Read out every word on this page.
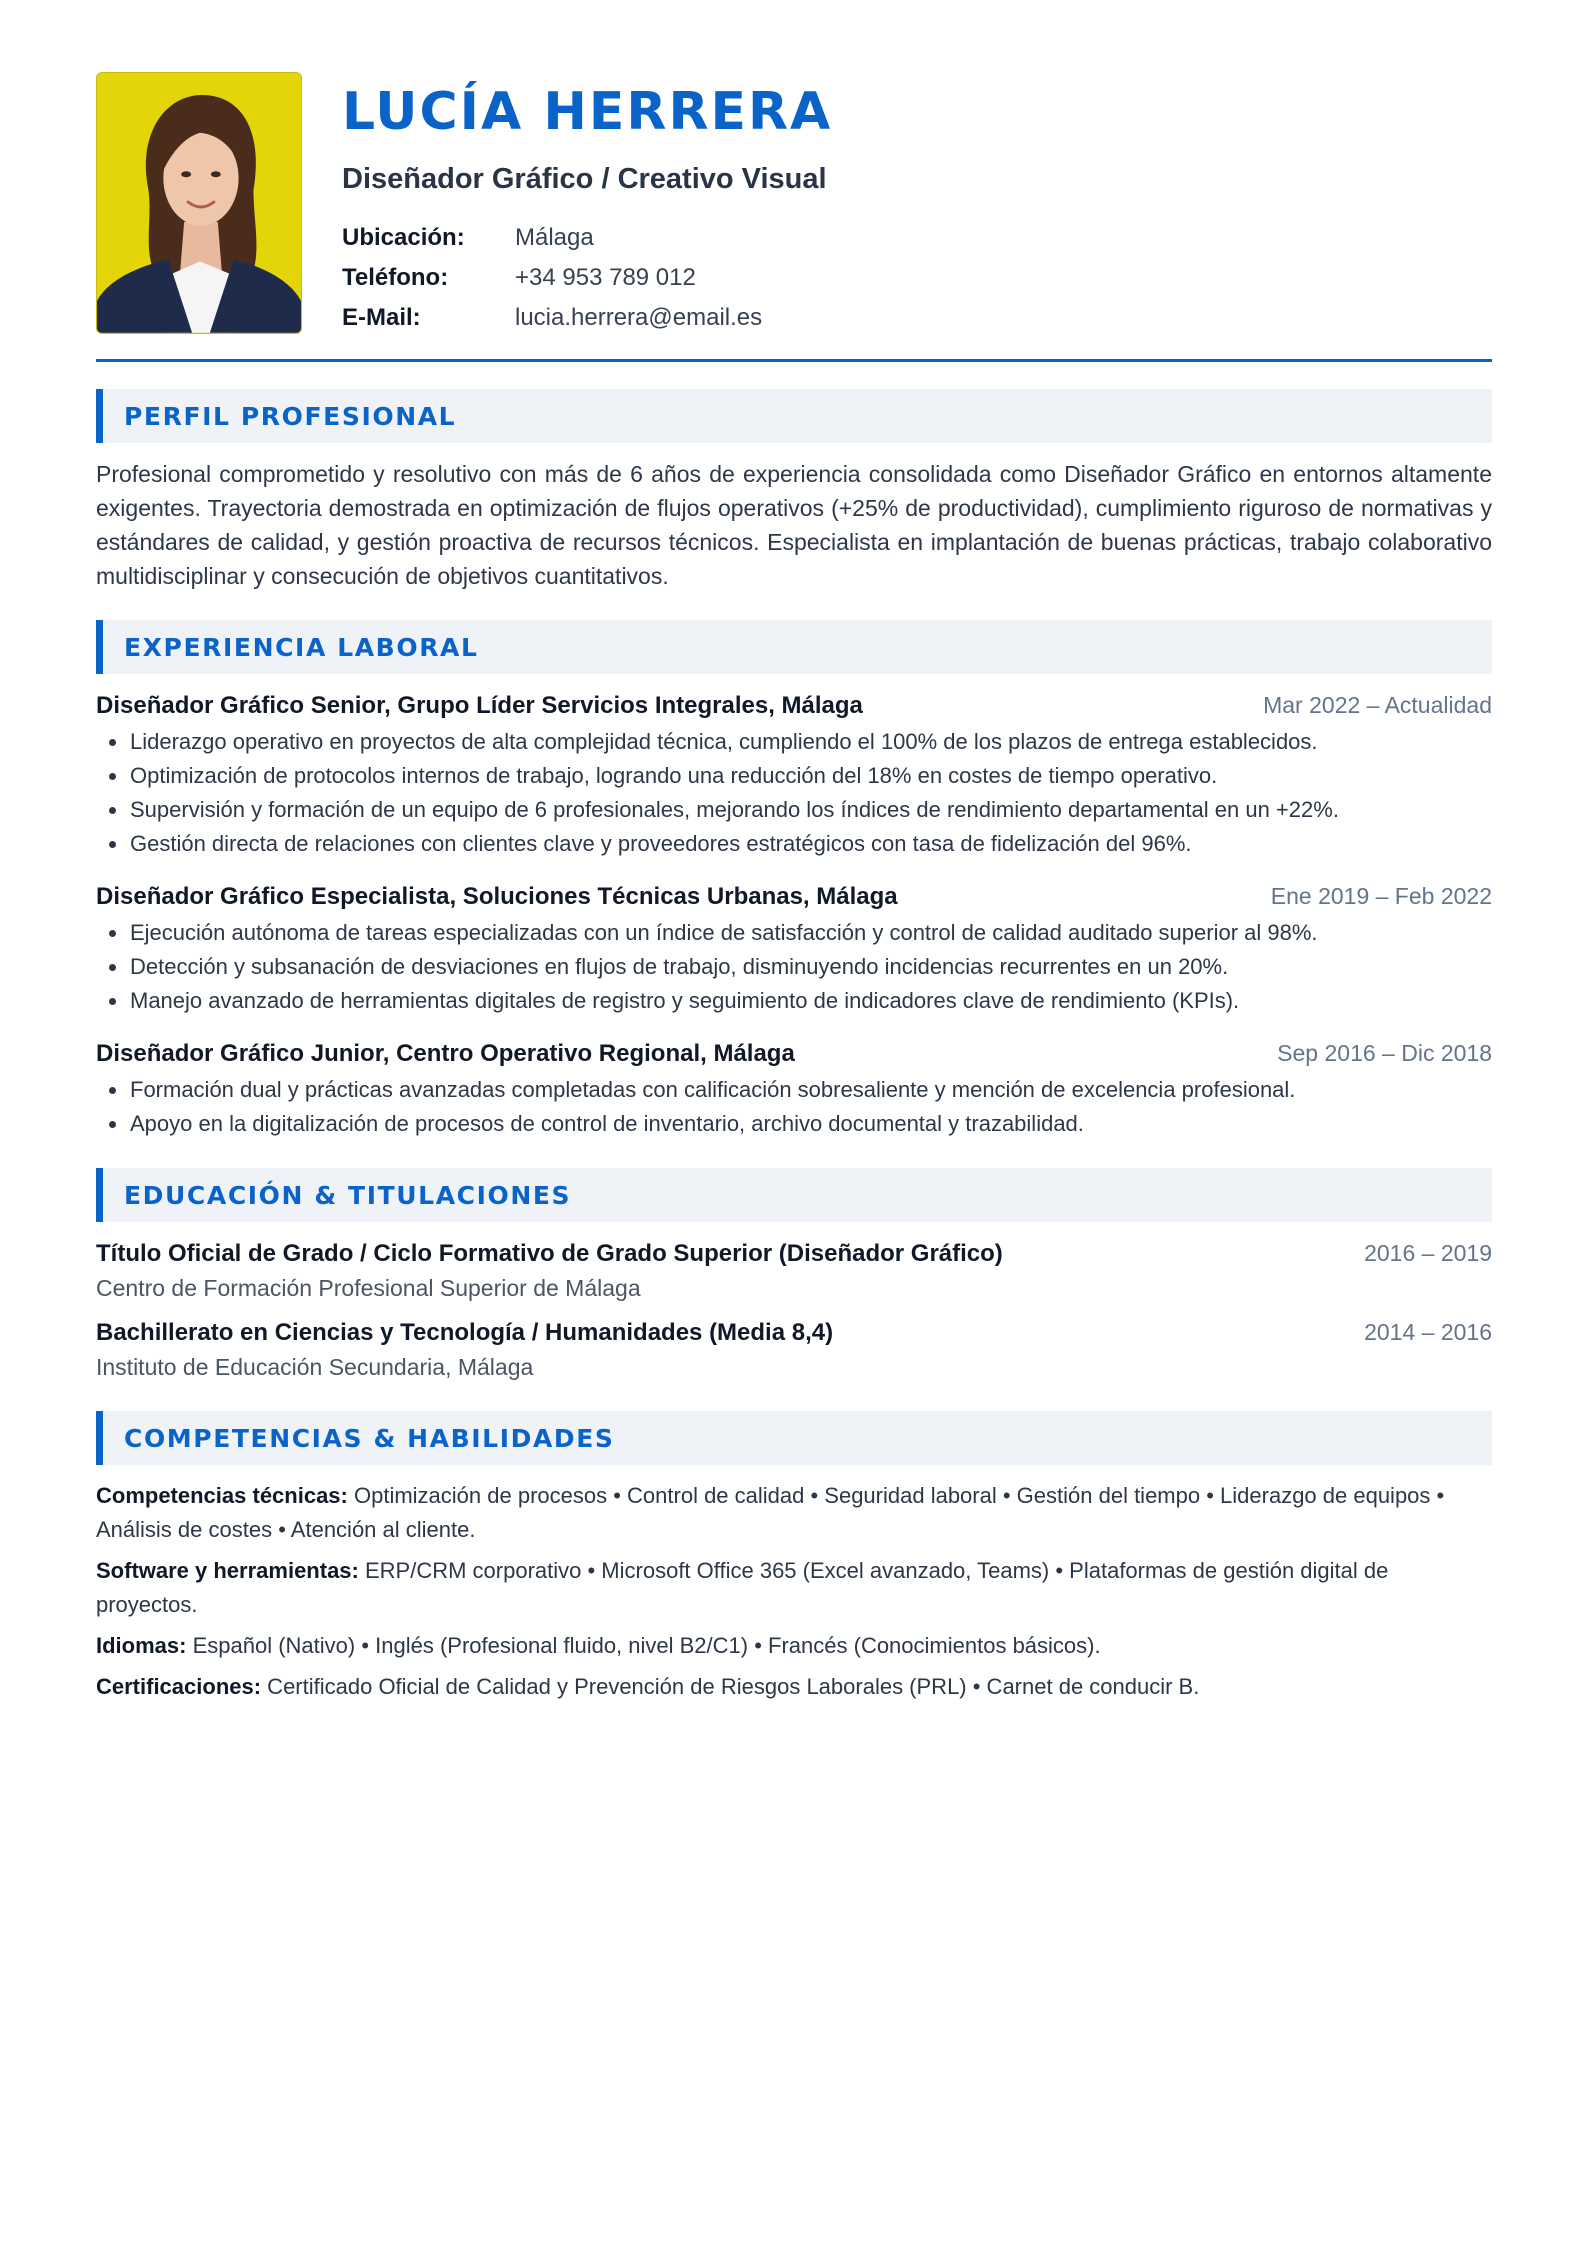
LUCÍA HERRERA
Diseñador Gráfico / Creativo Visual
Ubicación:	Málaga
Teléfono:	+34 953 789 012
E-Mail:	lucia.herrera@email.es
PERFIL PROFESIONAL

Profesional comprometido y resolutivo con más de 6 años de experiencia consolidada como Diseñador Gráfico en entornos altamente exigentes. Trayectoria demostrada en optimización de flujos operativos (+25% de productividad), cumplimiento riguroso de normativas y estándares de calidad, y gestión proactiva de recursos técnicos. Especialista en implantación de buenas prácticas, trabajo colaborativo multidisciplinar y consecución de objetivos cuantitativos.

EXPERIENCIA LABORAL
Diseñador Gráfico Senior, Grupo Líder Servicios Integrales, Málaga	Mar 2022 – Actualidad
Liderazgo operativo en proyectos de alta complejidad técnica, cumpliendo el 100% de los plazos de entrega establecidos.
Optimización de protocolos internos de trabajo, logrando una reducción del 18% en costes de tiempo operativo.
Supervisión y formación de un equipo de 6 profesionales, mejorando los índices de rendimiento departamental en un +22%.
Gestión directa de relaciones con clientes clave y proveedores estratégicos con tasa de fidelización del 96%.
Diseñador Gráfico Especialista, Soluciones Técnicas Urbanas, Málaga	Ene 2019 – Feb 2022
Ejecución autónoma de tareas especializadas con un índice de satisfacción y control de calidad auditado superior al 98%.
Detección y subsanación de desviaciones en flujos de trabajo, disminuyendo incidencias recurrentes en un 20%.
Manejo avanzado de herramientas digitales de registro y seguimiento de indicadores clave de rendimiento (KPIs).
Diseñador Gráfico Junior, Centro Operativo Regional, Málaga	Sep 2016 – Dic 2018
Formación dual y prácticas avanzadas completadas con calificación sobresaliente y mención de excelencia profesional.
Apoyo en la digitalización de procesos de control de inventario, archivo documental y trazabilidad.
EDUCACIÓN & TITULACIONES
Título Oficial de Grado / Ciclo Formativo de Grado Superior (Diseñador Gráfico)	2016 – 2019
Centro de Formación Profesional Superior de Málaga
Bachillerato en Ciencias y Tecnología / Humanidades (Media 8,4)	2014 – 2016
Instituto de Educación Secundaria, Málaga
COMPETENCIAS & HABILIDADES

Competencias técnicas: Optimización de procesos • Control de calidad • Seguridad laboral • Gestión del tiempo • Liderazgo de equipos • Análisis de costes • Atención al cliente.

Software y herramientas: ERP/CRM corporativo • Microsoft Office 365 (Excel avanzado, Teams) • Plataformas de gestión digital de proyectos.

Idiomas: Español (Nativo) • Inglés (Profesional fluido, nivel B2/C1) • Francés (Conocimientos básicos).

Certificaciones: Certificado Oficial de Calidad y Prevención de Riesgos Laborales (PRL) • Carnet de conducir B.
